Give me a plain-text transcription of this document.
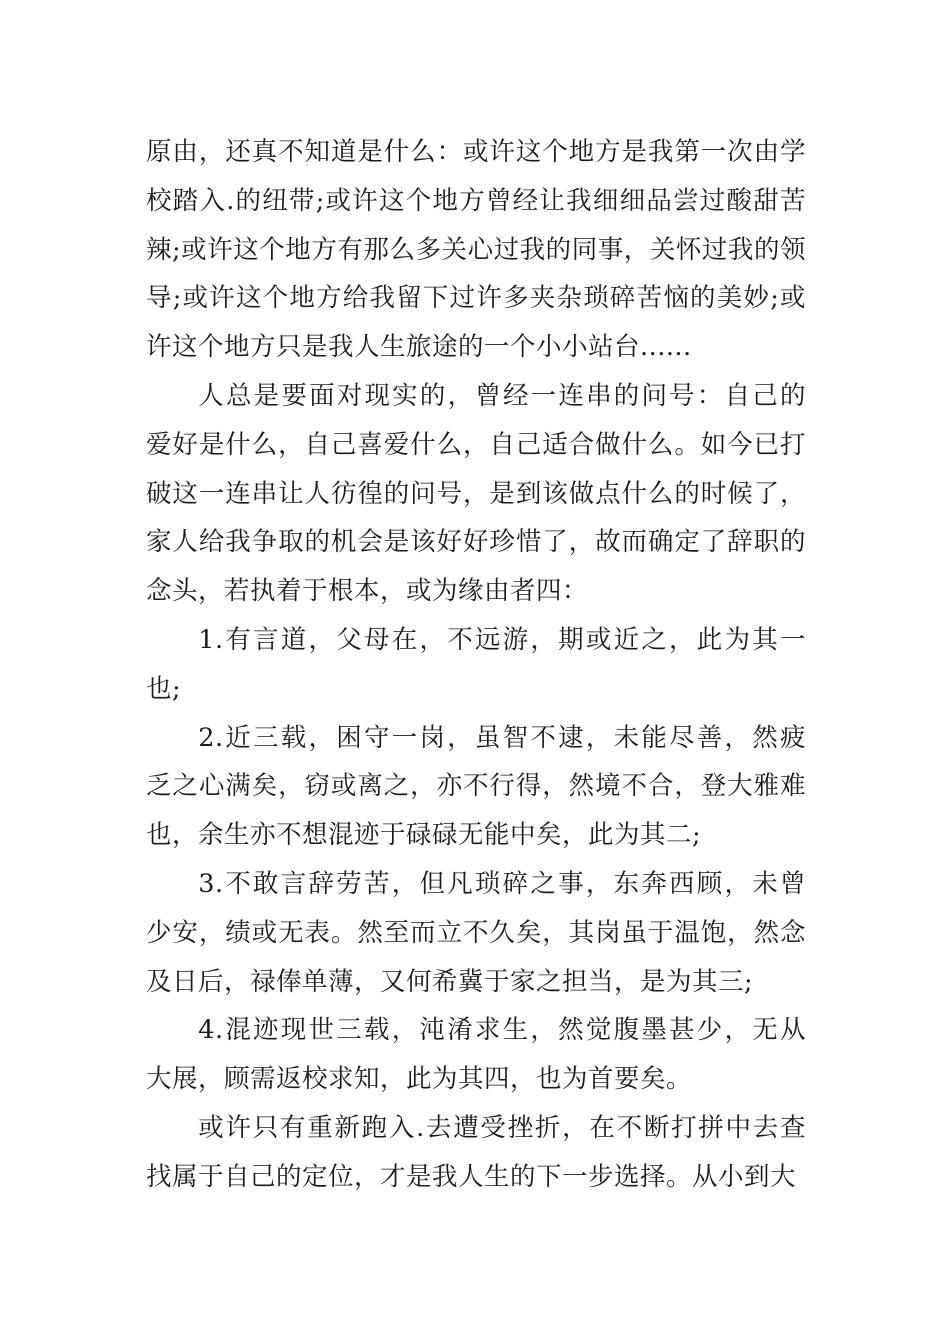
原由，还真不知道是什么：或许这个地方是我第一次由学
校踏入.的纽带;或许这个地方曾经让我细细品尝过酸甜苦
辣;或许这个地方有那么多关心过我的同事，关怀过我的领
导;或许这个地方给我留下过许多夹杂琐碎苦恼的美妙;或
许这个地方只是我人生旅途的一个小小站台......
人总是要面对现实的，曾经一连串的问号：自己的
爱好是什么，自己喜爱什么，自己适合做什么。如今已打
破这一连串让人彷徨的问号，是到该做点什么的时候了，
家人给我争取的机会是该好好珍惜了，故而确定了辞职的
念头，若执着于根本，或为缘由者四：
1.有言道，父母在，不远游，期或近之，此为其一
也;
2.近三载，困守一岗，虽智不逮，未能尽善，然疲
乏之心满矣，窃或离之，亦不行得，然境不合，登大雅难
也，余生亦不想混迹于碌碌无能中矣，此为其二;
3.不敢言辞劳苦，但凡琐碎之事，东奔西顾，未曾
少安，绩或无表。然至而立不久矣，其岗虽于温饱，然念
及日后，禄俸单薄，又何希冀于家之担当，是为其三;
4.混迹现世三载，沌淆求生，然觉腹墨甚少，无从
大展，顾需返校求知，此为其四，也为首要矣。
或许只有重新跑入.去遭受挫折，在不断打拼中去查
找属于自己的定位，才是我人生的下一步选择。从小到大
